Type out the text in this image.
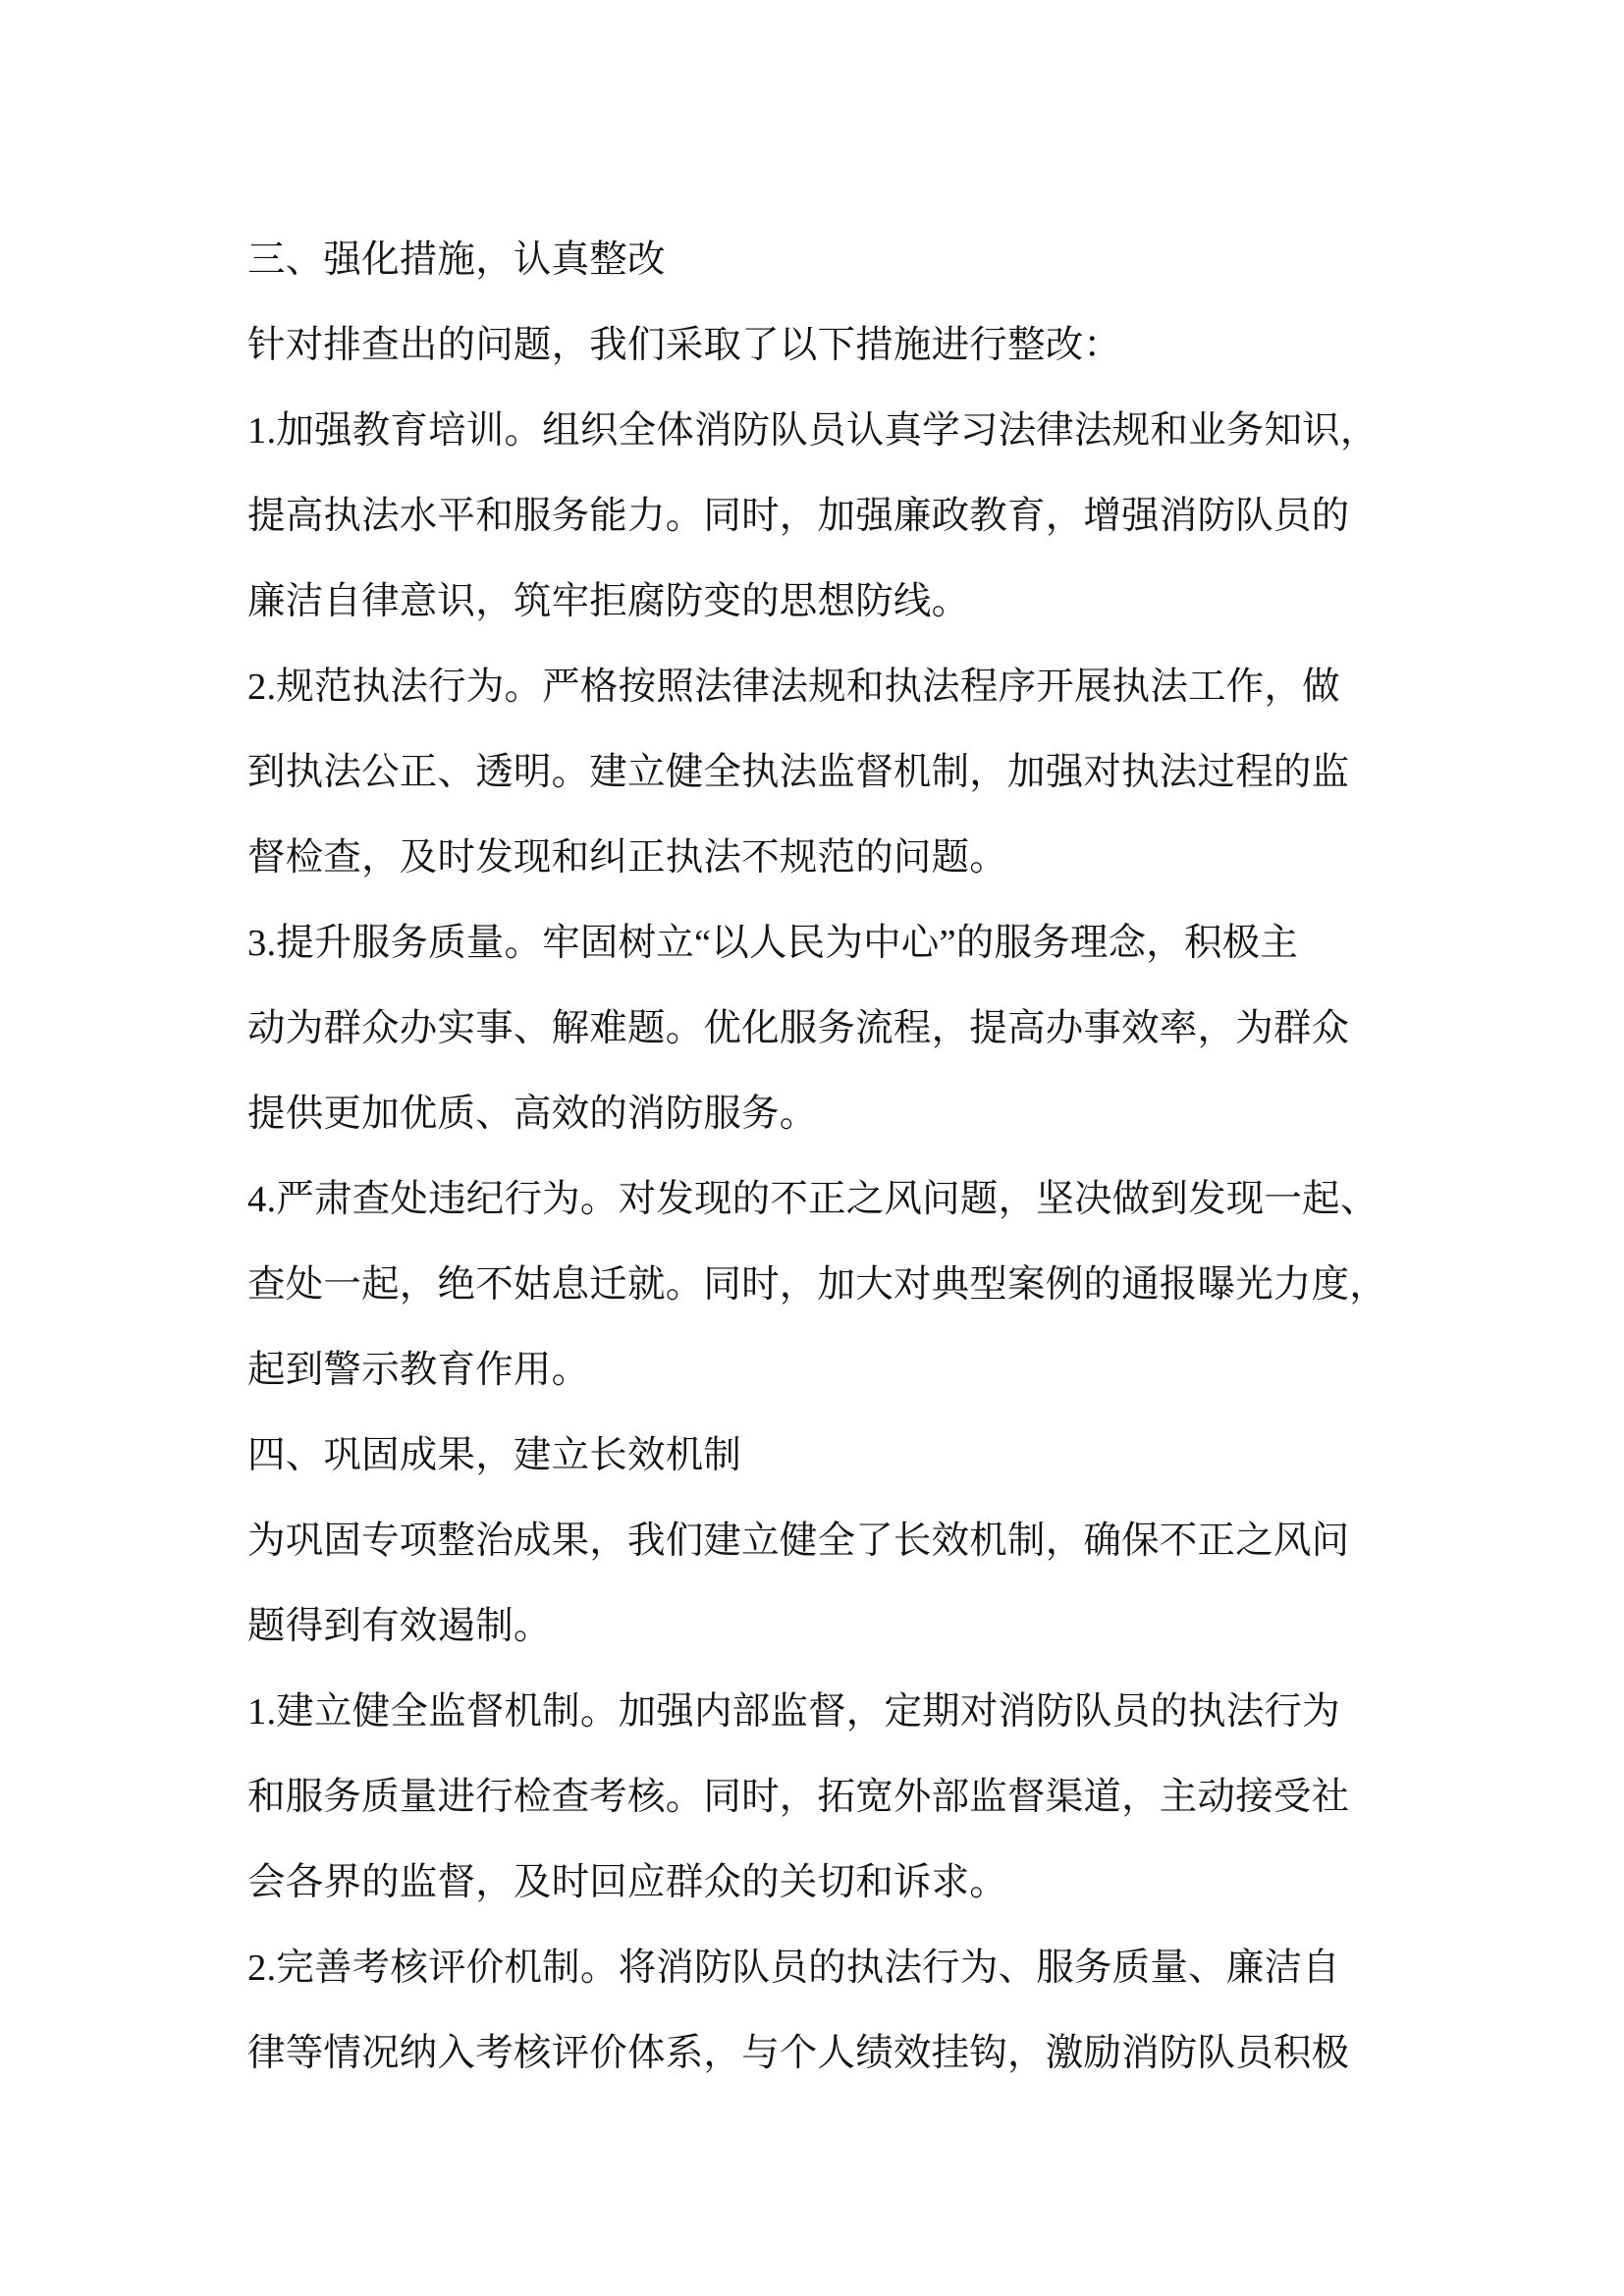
三、强化措施，认真整改
针对排查出的问题，我们采取了以下措施进行整改：
1.加强教育培训。组织全体消防队员认真学习法律法规和业务知识，
提高执法水平和服务能力。同时，加强廉政教育，增强消防队员的
廉洁自律意识，筑牢拒腐防变的思想防线。
2.规范执法行为。严格按照法律法规和执法程序开展执法工作，做
到执法公正、透明。建立健全执法监督机制，加强对执法过程的监
督检查，及时发现和纠正执法不规范的问题。
3.提升服务质量。牢固树立“以人民为中心”的服务理念，积极主
动为群众办实事、解难题。优化服务流程，提高办事效率，为群众
提供更加优质、高效的消防服务。
4.严肃查处违纪行为。对发现的不正之风问题，坚决做到发现一起、
查处一起，绝不姑息迁就。同时，加大对典型案例的通报曝光力度，
起到警示教育作用。
四、巩固成果，建立长效机制
为巩固专项整治成果，我们建立健全了长效机制，确保不正之风问
题得到有效遏制。
1.建立健全监督机制。加强内部监督，定期对消防队员的执法行为
和服务质量进行检查考核。同时，拓宽外部监督渠道，主动接受社
会各界的监督，及时回应群众的关切和诉求。
2.完善考核评价机制。将消防队员的执法行为、服务质量、廉洁自
律等情况纳入考核评价体系，与个人绩效挂钩，激励消防队员积极
